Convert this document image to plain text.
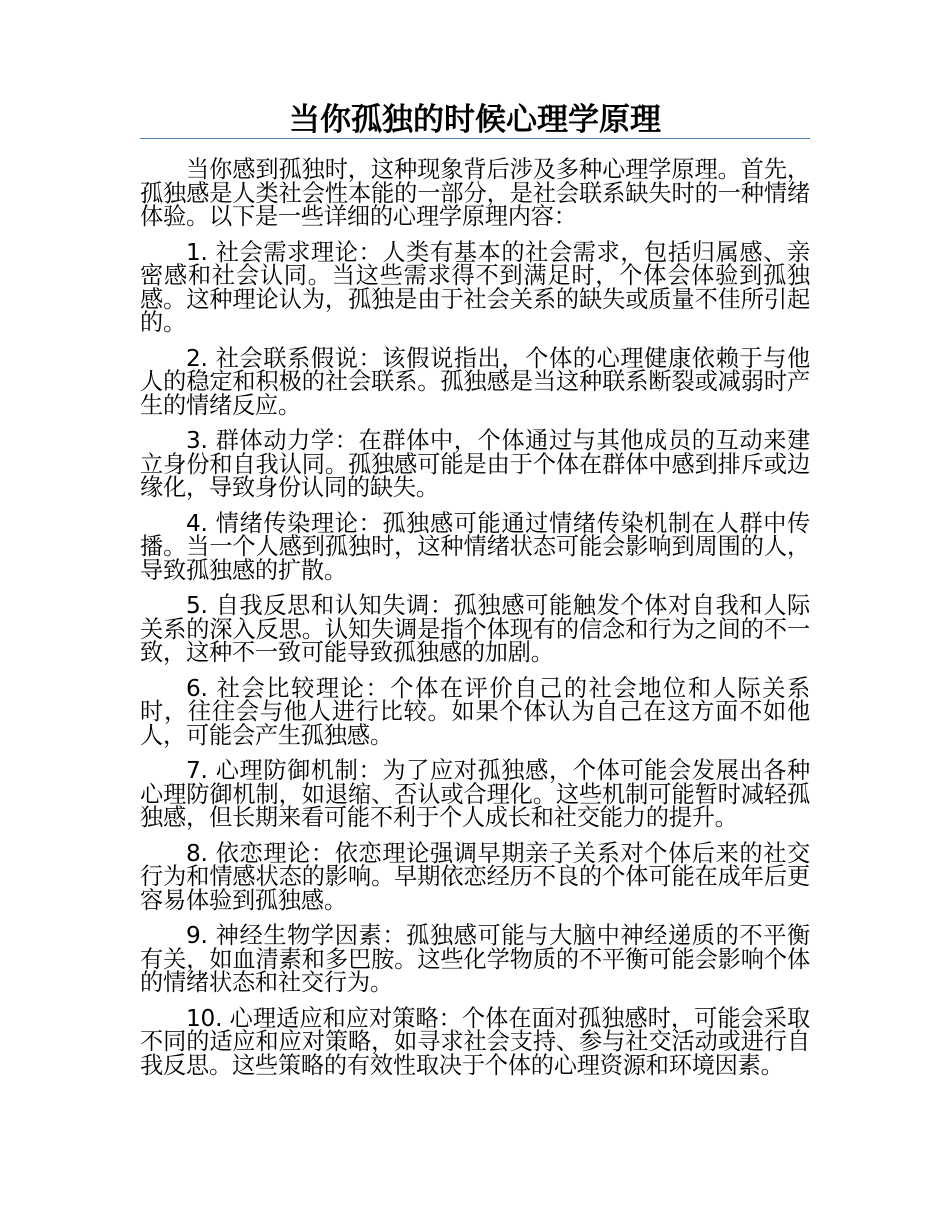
当你孤独的时候心理学原理

当你感到孤独时，这种现象背后涉及多种心理学原理。首先，孤独感是人类社会性本能的一部分，是社会联系缺失时的一种情绪体验。以下是一些详细的心理学原理内容：

1. 社会需求理论：人类有基本的社会需求，包括归属感、亲密感和社会认同。当这些需求得不到满足时，个体会体验到孤独感。这种理论认为，孤独是由于社会关系的缺失或质量不佳所引起的。

2. 社会联系假说：该假说指出，个体的心理健康依赖于与他人的稳定和积极的社会联系。孤独感是当这种联系断裂或减弱时产生的情绪反应。

3. 群体动力学：在群体中，个体通过与其他成员的互动来建立身份和自我认同。孤独感可能是由于个体在群体中感到排斥或边缘化，导致身份认同的缺失。

4. 情绪传染理论：孤独感可能通过情绪传染机制在人群中传播。当一个人感到孤独时，这种情绪状态可能会影响到周围的人，导致孤独感的扩散。

5. 自我反思和认知失调：孤独感可能触发个体对自我和人际关系的深入反思。认知失调是指个体现有的信念和行为之间的不一致，这种不一致可能导致孤独感的加剧。

6. 社会比较理论：个体在评价自己的社会地位和人际关系时，往往会与他人进行比较。如果个体认为自己在这方面不如他人，可能会产生孤独感。

7. 心理防御机制：为了应对孤独感，个体可能会发展出各种心理防御机制，如退缩、否认或合理化。这些机制可能暂时减轻孤独感，但长期来看可能不利于个人成长和社交能力的提升。

8. 依恋理论：依恋理论强调早期亲子关系对个体后来的社交行为和情感状态的影响。早期依恋经历不良的个体可能在成年后更容易体验到孤独感。

9. 神经生物学因素：孤独感可能与大脑中神经递质的不平衡有关，如血清素和多巴胺。这些化学物质的不平衡可能会影响个体的情绪状态和社交行为。

10. 心理适应和应对策略：个体在面对孤独感时，可能会采取不同的适应和应对策略，如寻求社会支持、参与社交活动或进行自我反思。这些策略的有效性取决于个体的心理资源和环境因素。
